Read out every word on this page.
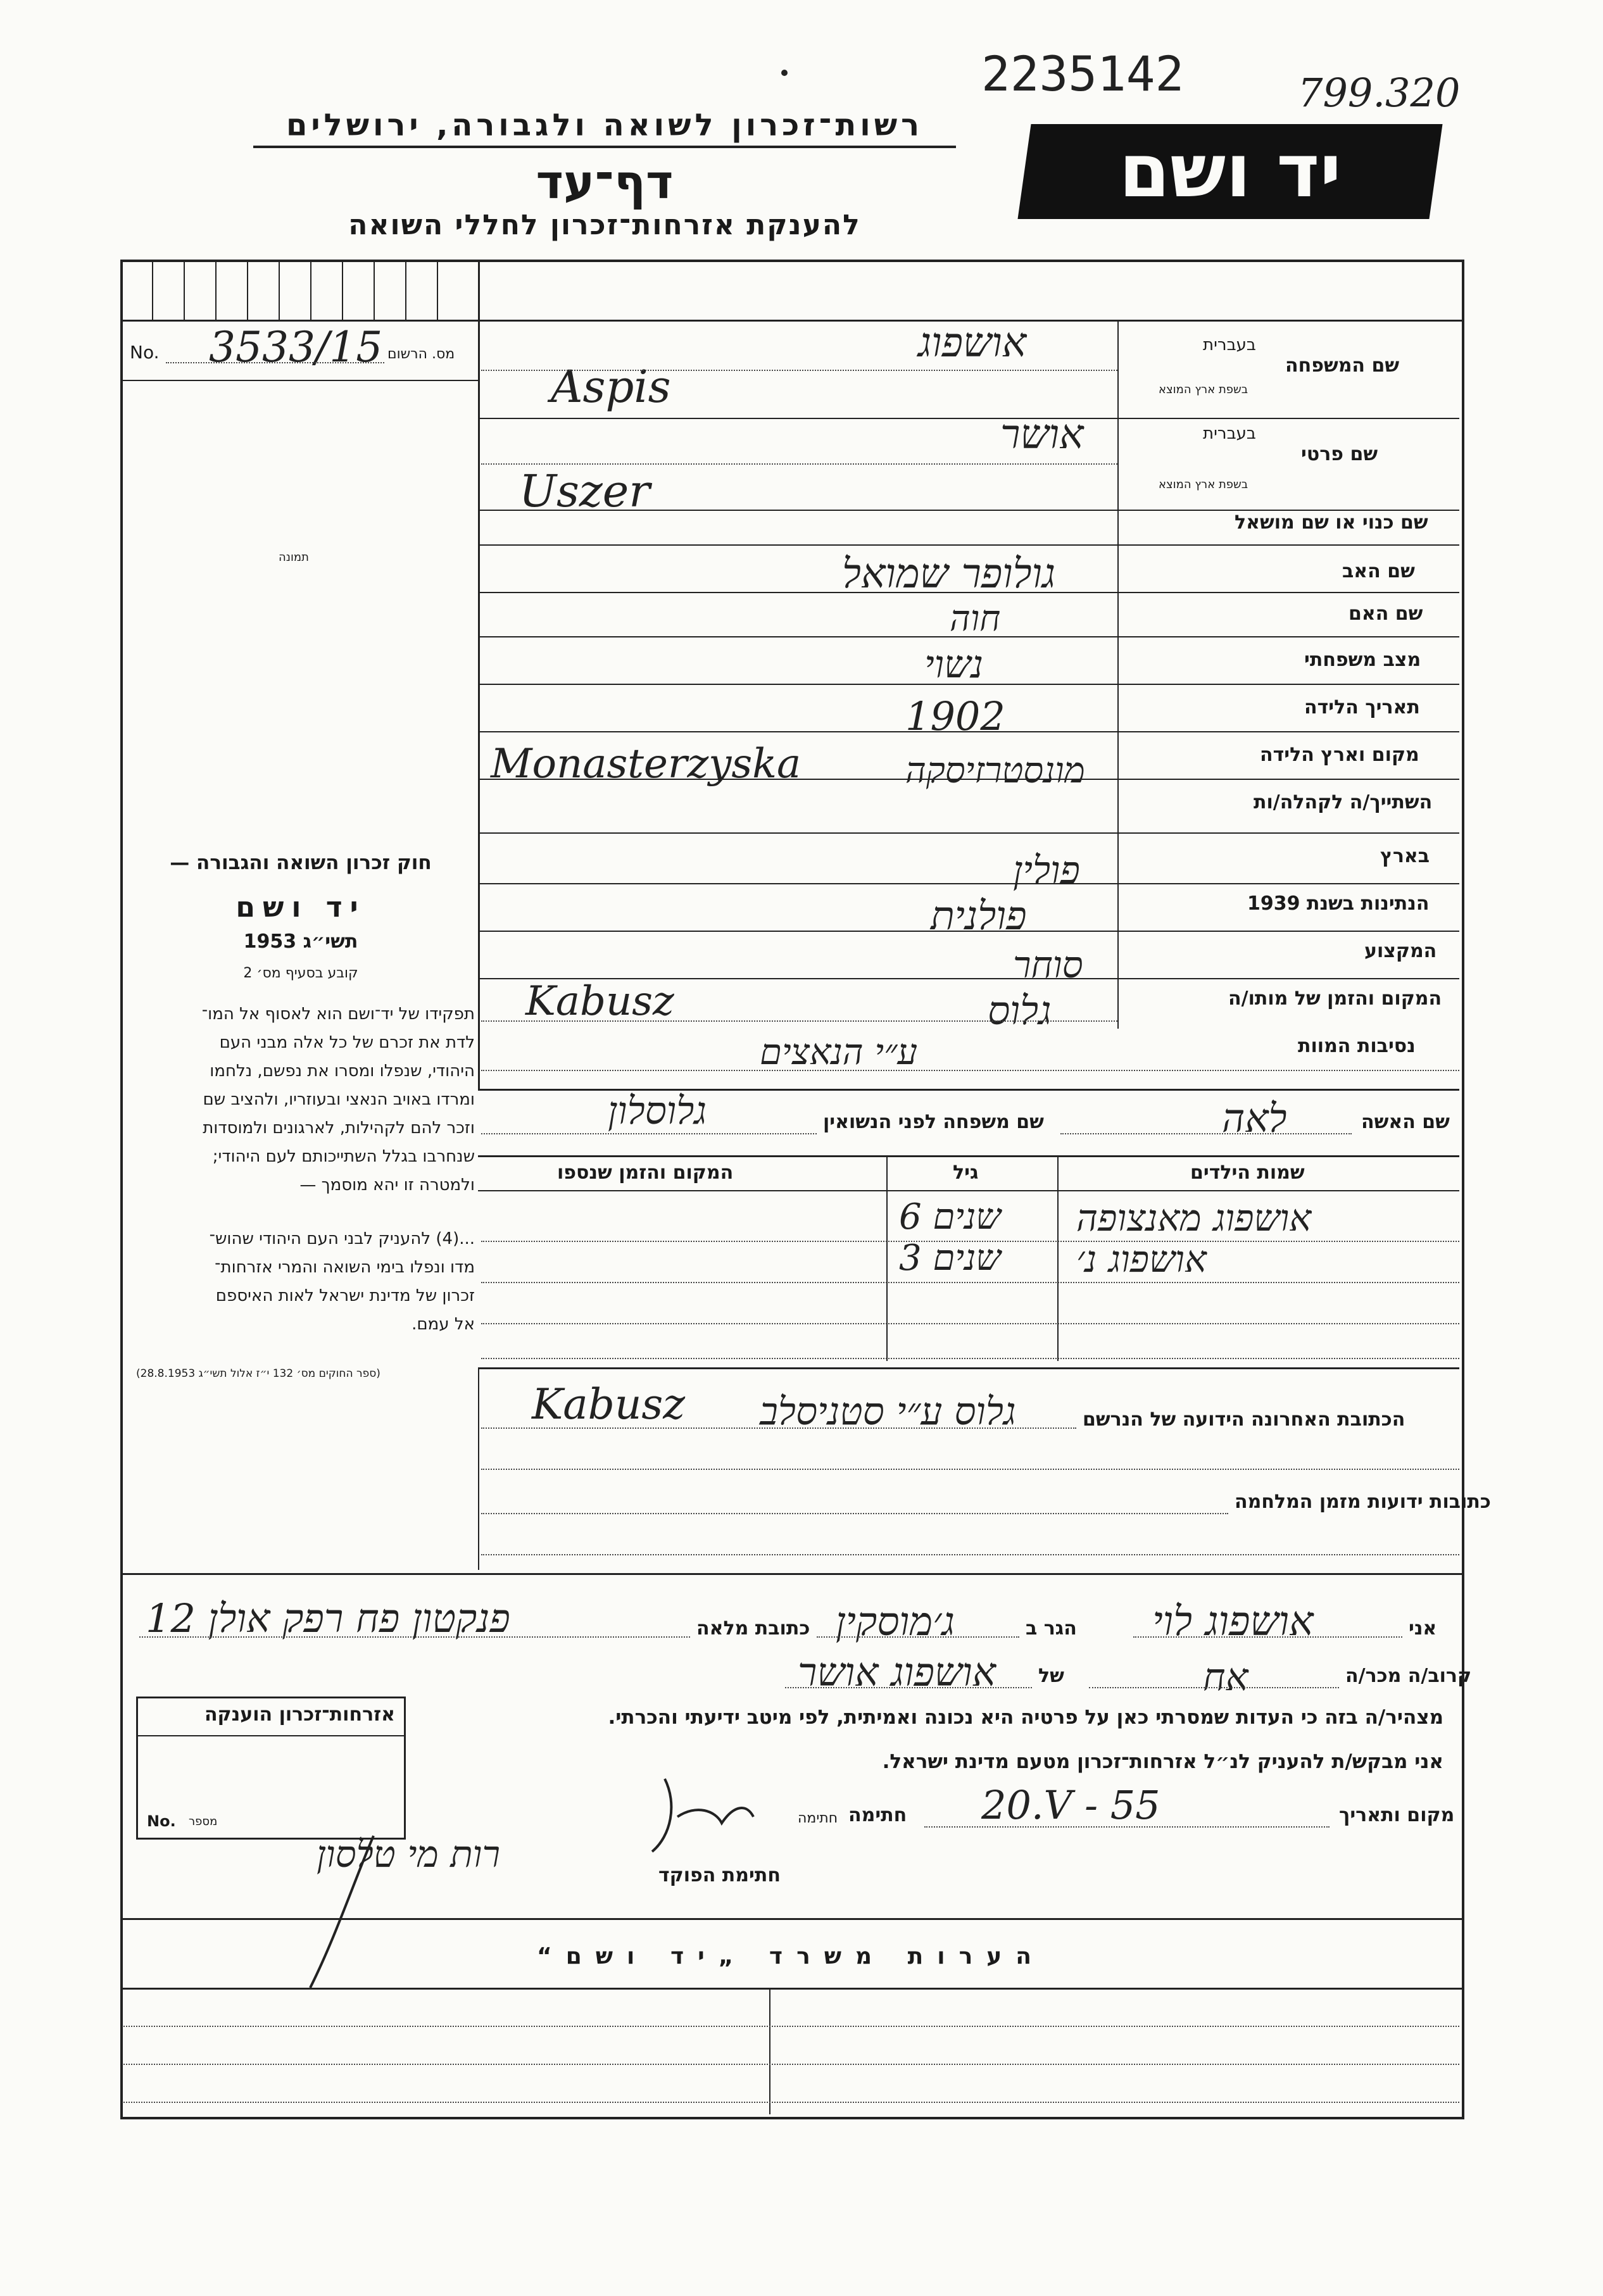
2235142	799.320
רשות־זכרון לשואה ולגבורה, ירושלים
דף־עד
להענקת אזרחות־זכרון לחללי השואה
יד ושם
No. 3533/15 מס. הרשום
תמונה
חוק זכרון השואה והגבורה —
יד ושם
תשי״ג 1953
קובע בסעיף מס׳ 2
תפקידו של יד־ושם הוא לאסוף אל המו־
לדת את זכרם של כל אלה מבני העם
היהודי, שנפלו ומסרו את נפשם, נלחמו
ומרדו באויב הנאצי ובעוזריו, ולהציב שם
וזכר להם לקהילות, לארגונים ולמוסדות
שנחרבו בגלל השתייכותם לעם היהודי;
ולמטרה זו יהא מוסמך —
...(4) להעניק לבני העם היהודי שהוש־
מדו ונפלו בימי השואה והמרי אזרחות־
זכרון של מדינת ישראל לאות האיספם
אל עמם.
(ספר החוקים מס׳ 132 י״ז אלול תשי״ג 28.8.1953)
שם המשפחה
בעברית
בשפת ארץ המוצא
אושפוג
Aspis
שם פרטי
בעברית
בשפת ארץ המוצא
אושר
Uszer
שם כנוי או שם מושאל
שם האב
גולופר שמואל
שם האם
חוה
מצב משפחתי
נשוי
תאריך הלידה
1902
מקום וארץ הלידה
מונסטרזיסקה
Monasterzyska
השתייך/ה לקהלה/ות
בארץ
פולין
הנתינות בשנת 1939
פולנית
המקצוע
סוחר
המקום והזמן של מותו/ה
גלוס
Kabusz
נסיבות המוות
ע״י הנאצים
שם האשה
לאה
שם משפחה לפני הנשואין
גלוסלון
שמות הילדים
גיל
המקום והזמן שנספו
אושפוג מאנצופה
6 שנים
אושפוג נ׳
3 שנים
הכתובת האחרונה הידועה של הנרשם
גלוס ע״י סטניסלב
Kabusz
כתובות ידועות מזמן המלחמה
אני
אושפוג לוי
הגר ב
ג׳מוסקין
כתובת מלאה
פנקטון פח רפק אולן 12
קרוב/ה מכר/ה
אח
של
אושפוג אושר
מצהיר/ה בזה כי העדות שמסרתי כאן על פרטיה היא נכונה ואמיתית, לפי מיטב ידיעתי והכרתי.
אני מבקש/ת להעניק לנ״ל אזרחות־זכרון מטעם מדינת ישראל.
מקום ותאריך
20.V - 55
חתימה
חתימה
חתימת הפוקד
רות מי טלסון
אזרחות־זכרון הוענקה
No. מספר
הערות משרד „יד ושם“
